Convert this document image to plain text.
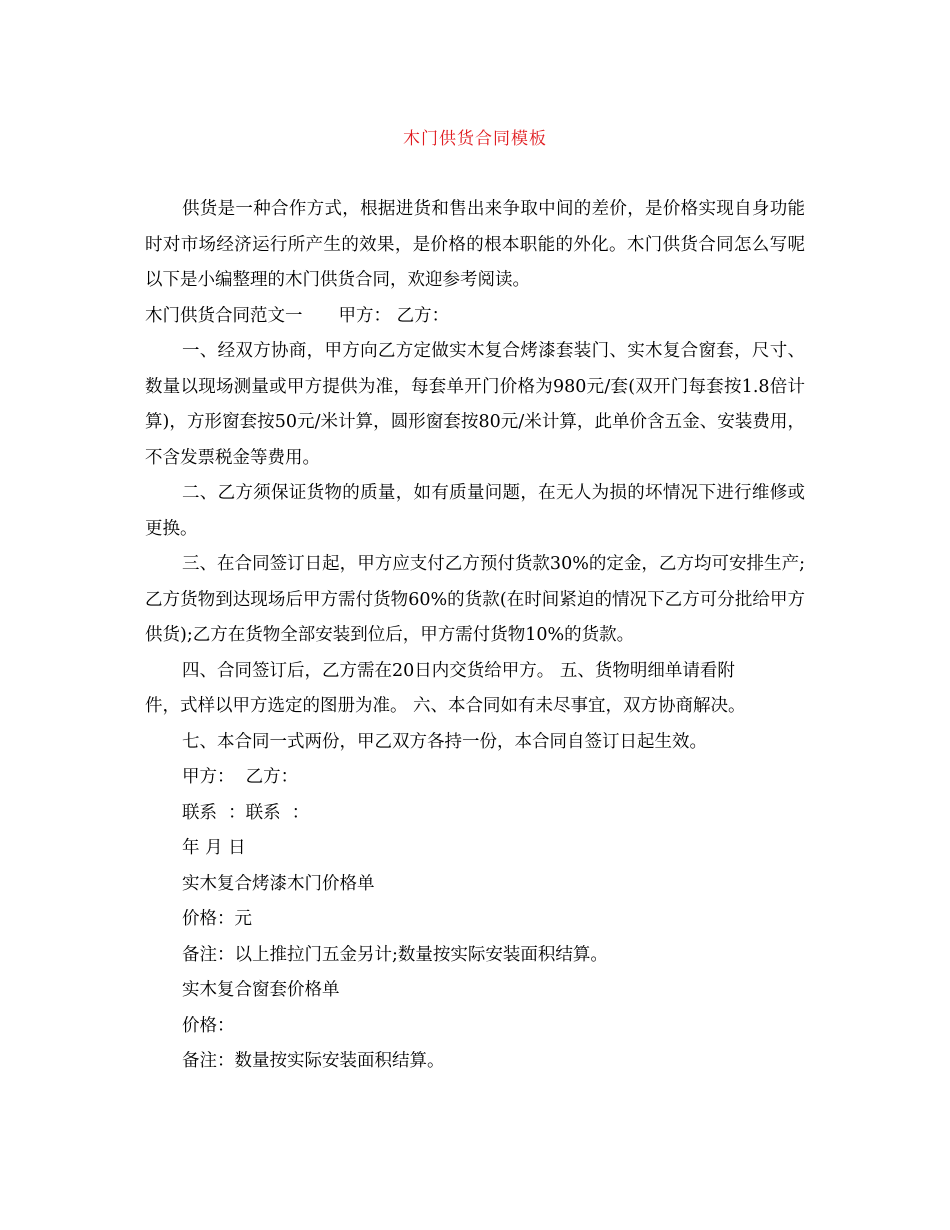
木门供货合同模板

供货是一种合作方式，根据进货和售出来争取中间的差价，是价格实现自身功能时对市场经济运行所产生的效果，是价格的根本职能的外化。木门供货合同怎么写呢以下是小编整理的木门供货合同，欢迎参考阅读。

木门供货合同范文一 甲方： 乙方：

一、经双方协商，甲方向乙方定做实木复合烤漆套装门、实木复合窗套，尺寸、数量以现场测量或甲方提供为准，每套单开门价格为980元/套(双开门每套按1.8倍计算)，方形窗套按50元/米计算，圆形窗套按80元/米计算，此单价含五金、安装费用，不含发票税金等费用。

二、乙方须保证货物的质量，如有质量问题，在无人为损的坏情况下进行维修或更换。

三、在合同签订日起，甲方应支付乙方预付货款30%的定金，乙方均可安排生产;乙方货物到达现场后甲方需付货物60%的货款(在时间紧迫的情况下乙方可分批给甲方供货);乙方在货物全部安装到位后，甲方需付货物10%的货款。

四、合同签订后，乙方需在20日内交货给甲方。 五、货物明细单请看附

件，式样以甲方选定的图册为准。 六、本合同如有未尽事宜，双方协商解决。

七、本合同一式两份，甲乙双方各持一份，本合同自签订日起生效。

甲方：  乙方：

联系  ：联系  ：

年 月 日

实木复合烤漆木门价格单

价格：元

备注：以上推拉门五金另计;数量按实际安装面积结算。

实木复合窗套价格单

价格：

备注：数量按实际安装面积结算。
